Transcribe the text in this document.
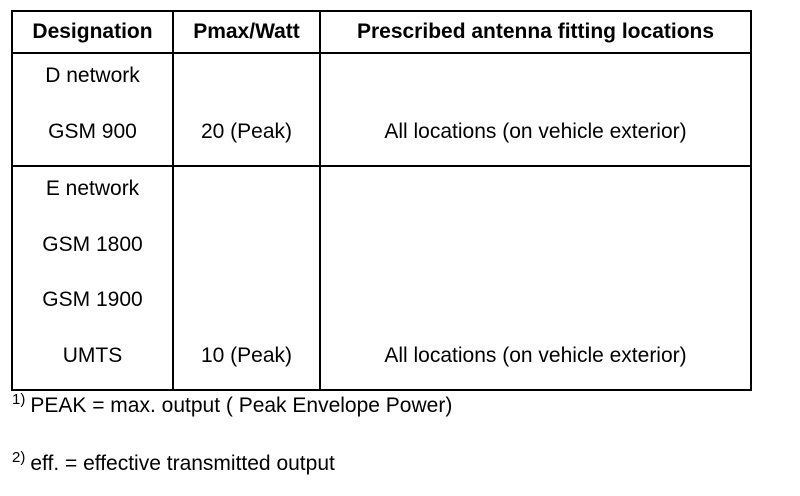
Designation	Pmax/Watt	Prescribed antenna fitting locations

D network
GSM 900	20 (Peak)	All locations (on vehicle exterior)

E network
GSM 1800
GSM 1900
UMTS	10 (Peak)	All locations (on vehicle exterior)
$^{1)}$ PEAK = max. output ( Peak Envelope Power)
$^{2)}$ eff. = effective transmitted output
